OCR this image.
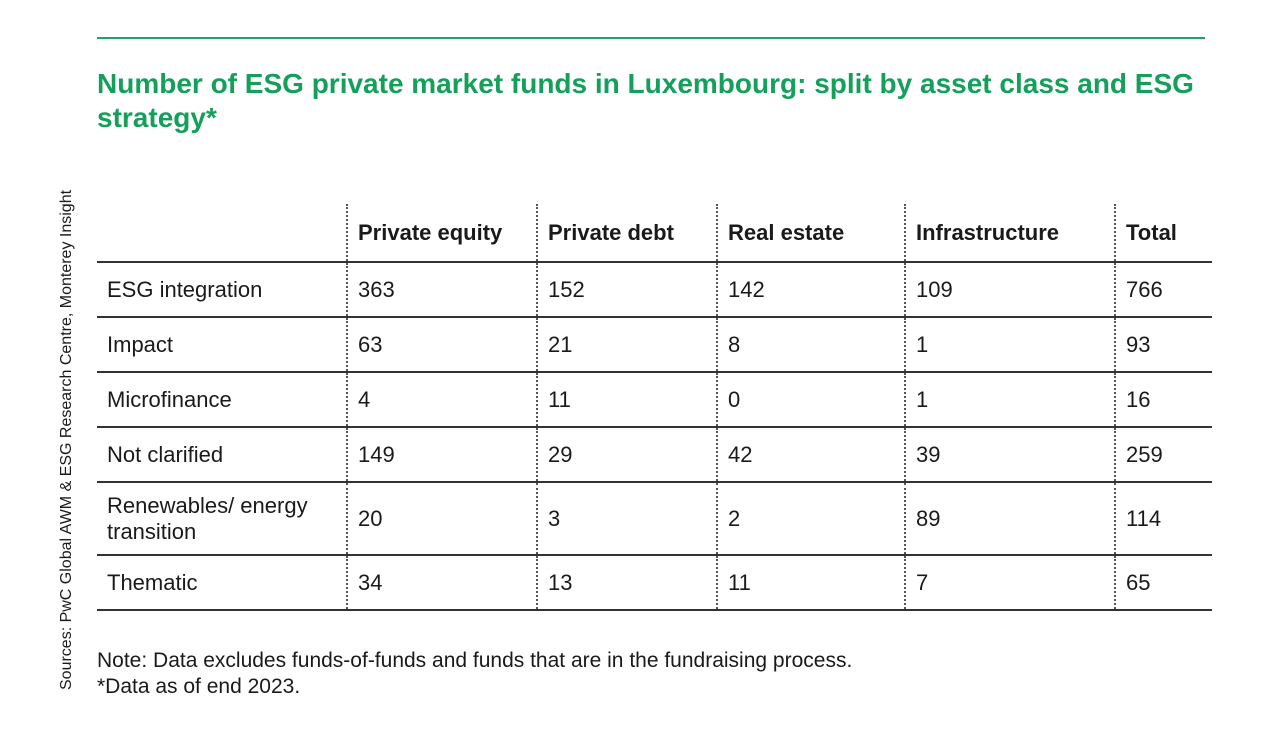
Number of ESG private market funds in Luxembourg: split by asset class and ESG strategy*
Sources: PwC Global AWM & ESG Research Centre, Monterey Insight
		Private equity	Private debt	Real estate	Infrastructure	Total
ESG integration	363	152	142	109	766
Impact	63	21	8	1	93
Microfinance	4	11	0	1	16
Not clarified	149	29	42	39	259
Renewables/ energy transition	20	3	2	89	114
Thematic	34	13	11	7	65
Note: Data excludes funds-of-funds and funds that are in the fundraising process.
*Data as of end 2023.
